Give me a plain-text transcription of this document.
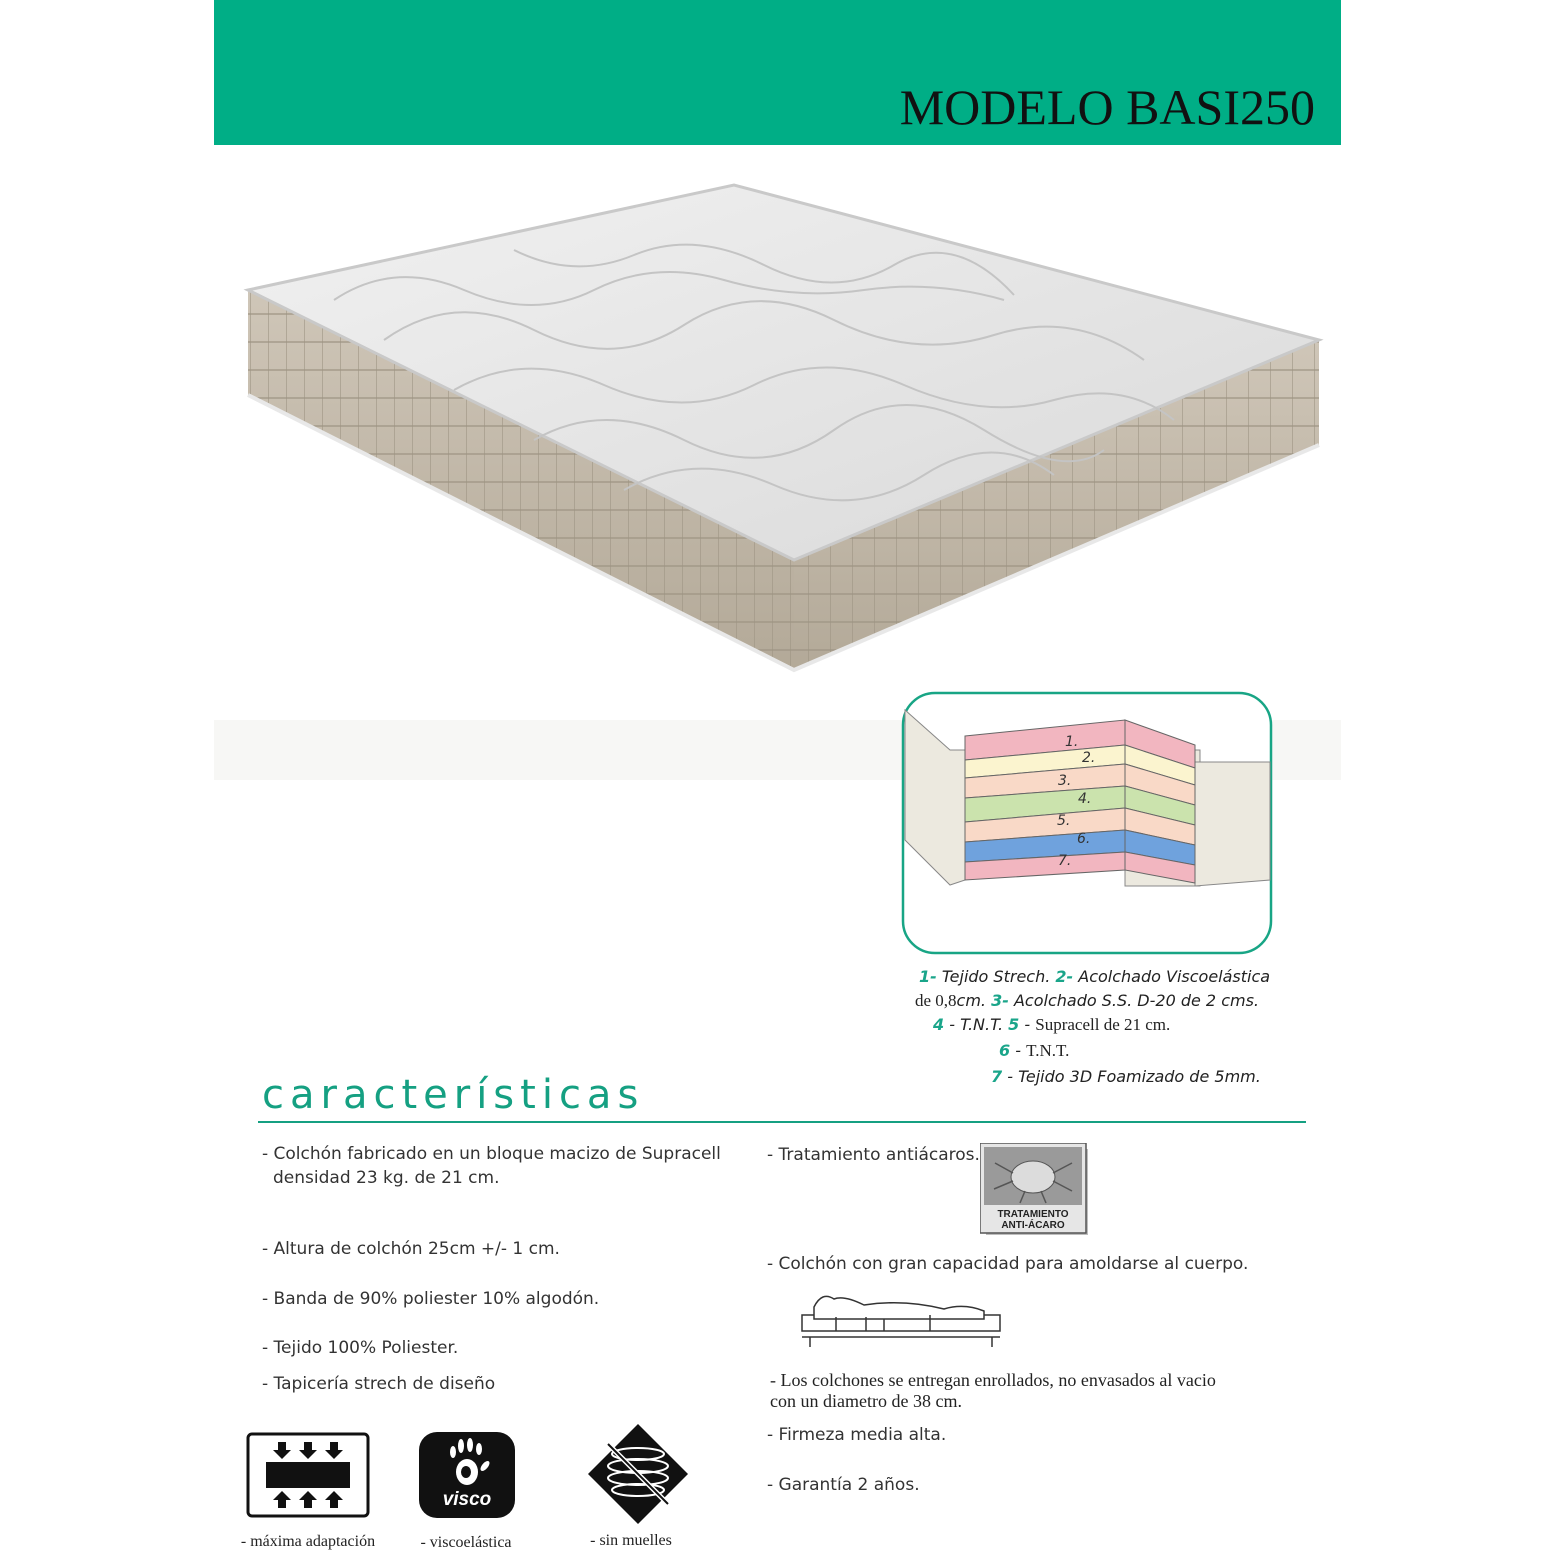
MODELO BASI250
1.
2.
3.
4.
5.
6.
7.
1- Tejido Strech. 2- Acolchado Viscoelástica
de 0,8cm. 3- Acolchado S.S. D-20 de 2 cms.
4 - T.N.T. 5 - Supracell de 21 cm.
6 - T.N.T.
7 - Tejido 3D Foamizado de 5mm.
características
- Colchón fabricado en un bloque macizo de Supracell
densidad 23 kg. de 21 cm.
- Altura de colchón 25cm +/- 1 cm.
- Banda de 90% poliester 10% algodón.
- Tejido 100% Poliester.
- Tapicería strech de diseño
- Tratamiento antiácaros.
TRATAMIENTO
ANTI-ÁCARO
- Colchón con gran capacidad para amoldarse al cuerpo.
- Los colchones se entregan enrollados, no envasados al vacio
con un diametro de 38 cm.
- Firmeza media alta.
- Garantía 2 años.
- máxima adaptación
visco
- viscoelástica	- sin muelles
